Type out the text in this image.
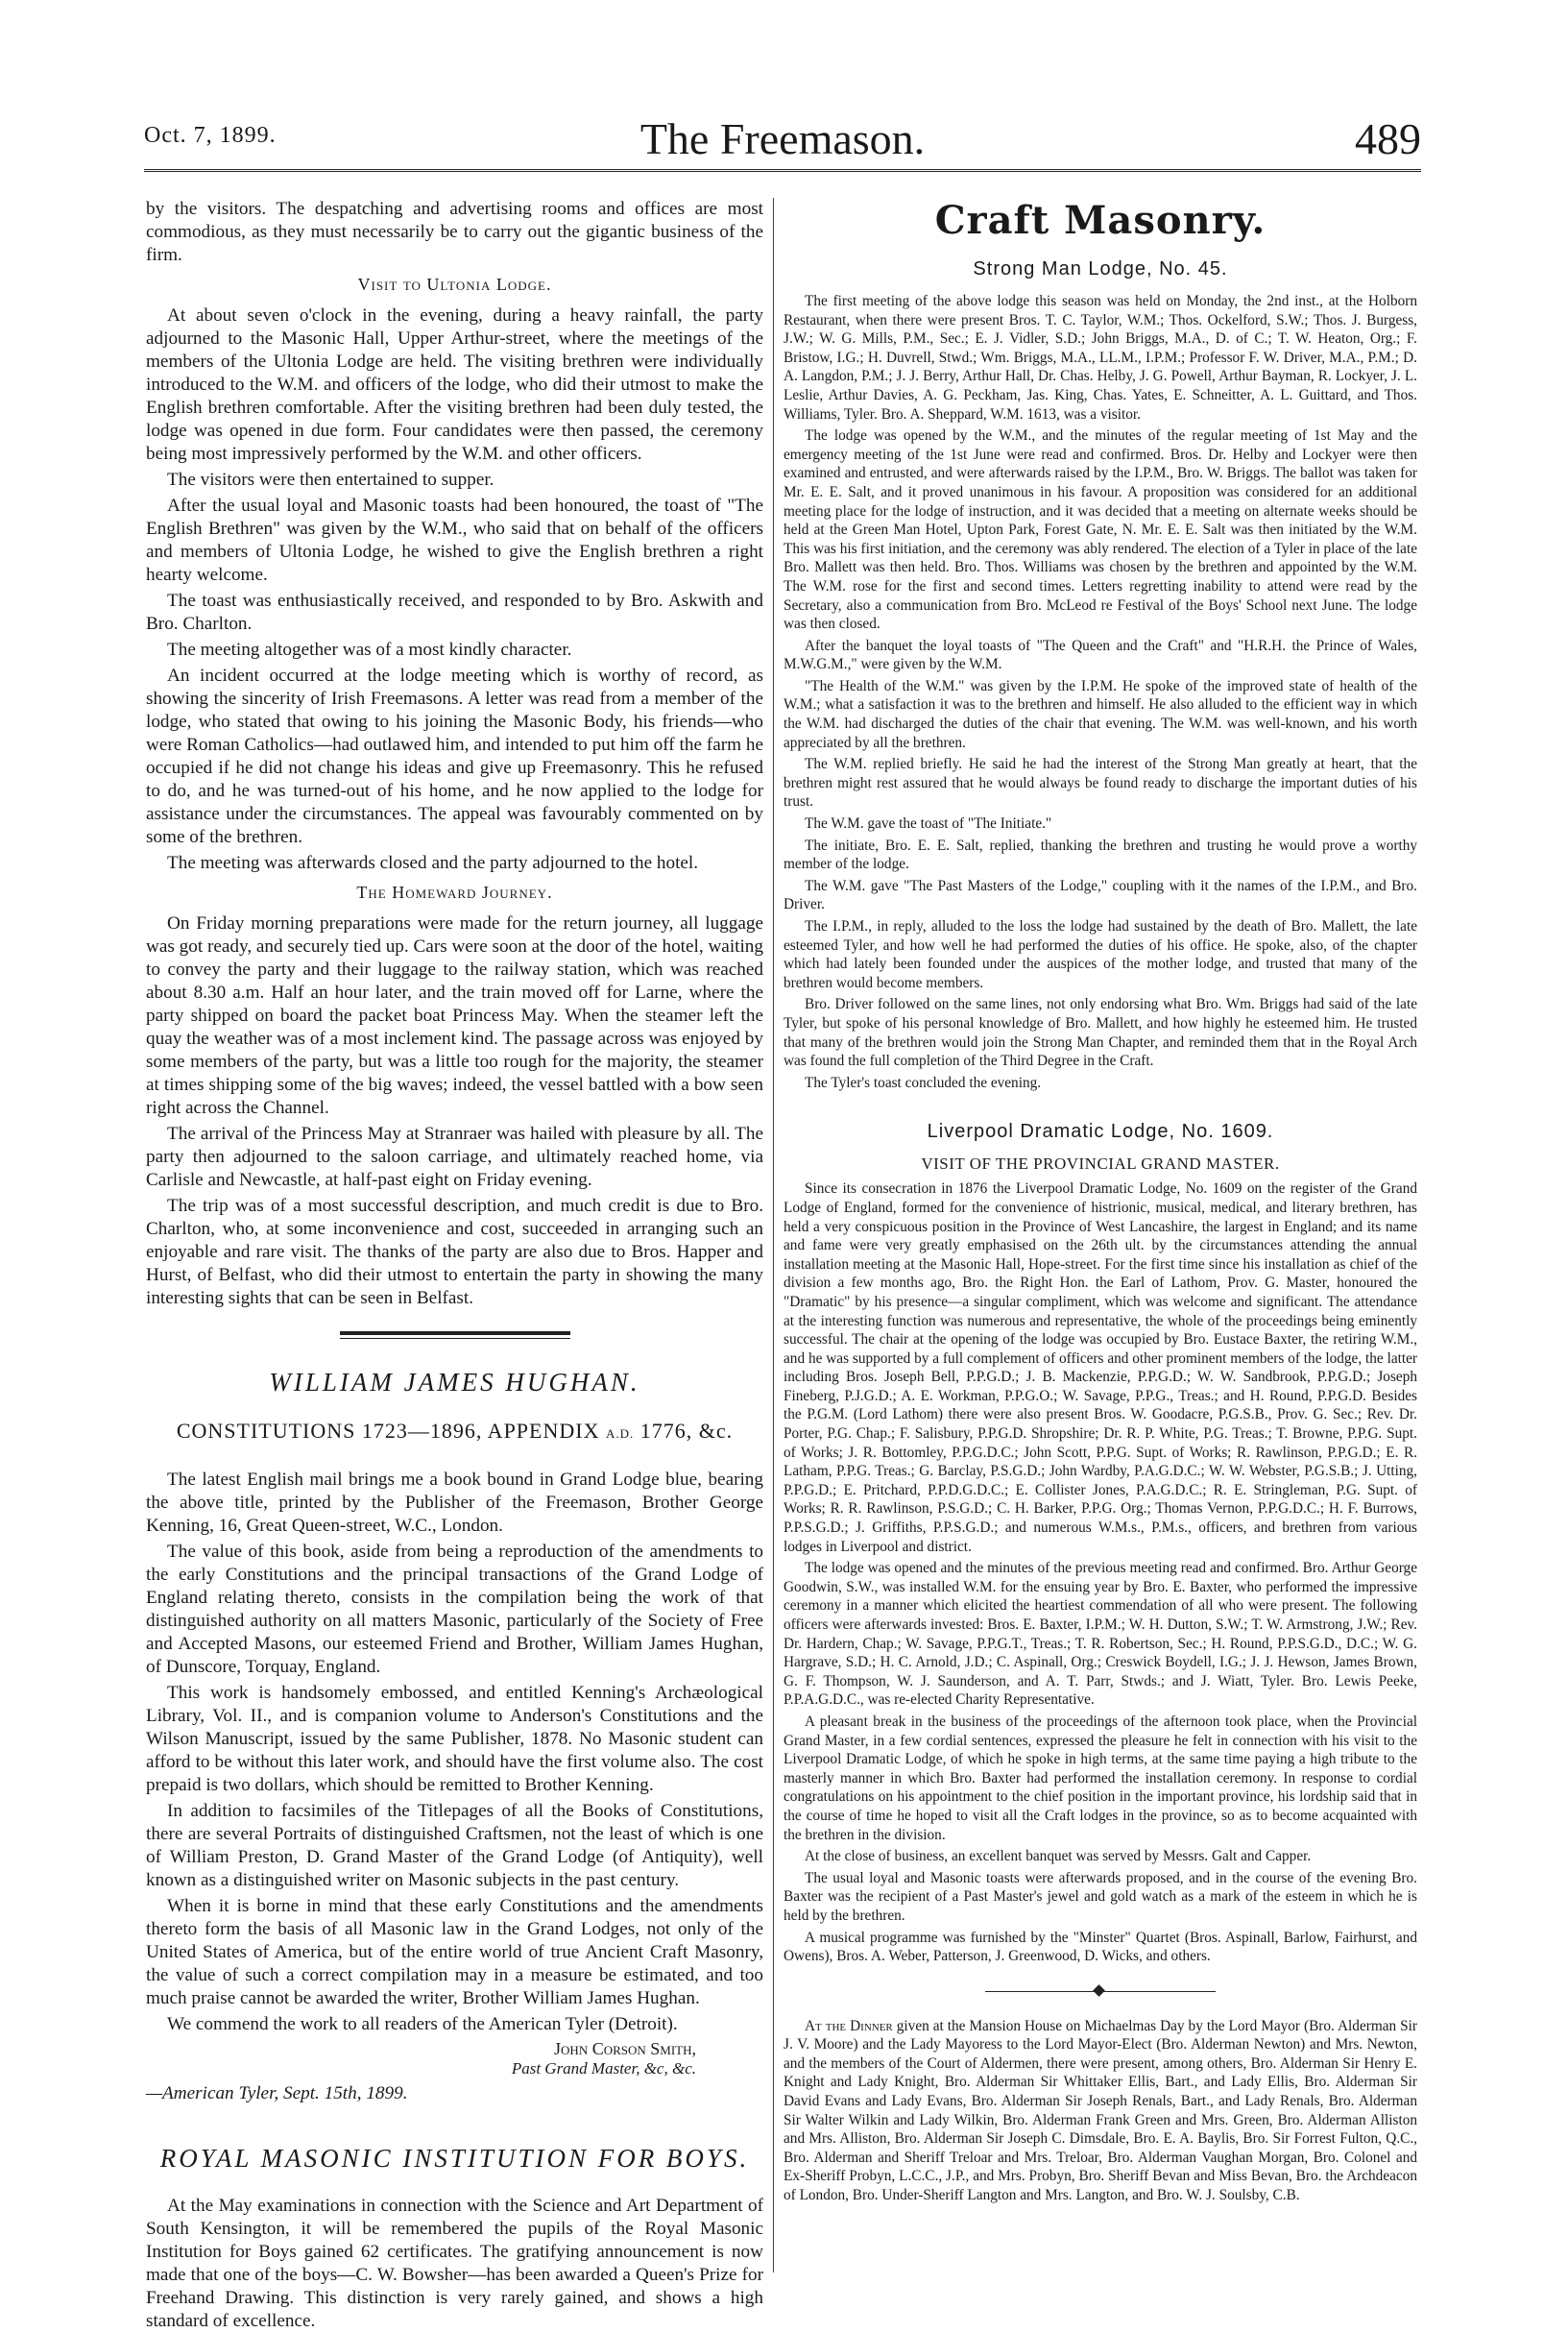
Oct. 7, 1899.	The Freemason.	489

by the visitors. The despatching and advertising rooms and offices are most commodious, as they must necessarily be to carry out the gigantic business of the firm.

Visit to Ultonia Lodge.

At about seven o'clock in the evening, during a heavy rainfall, the party adjourned to the Masonic Hall, Upper Arthur-street, where the meetings of the members of the Ultonia Lodge are held. The visiting brethren were individually introduced to the W.M. and officers of the lodge, who did their utmost to make the English brethren comfortable. After the visiting brethren had been duly tested, the lodge was opened in due form. Four candidates were then passed, the ceremony being most impressively performed by the W.M. and other officers.

The visitors were then entertained to supper.

After the usual loyal and Masonic toasts had been honoured, the toast of "The English Brethren" was given by the W.M., who said that on behalf of the officers and members of Ultonia Lodge, he wished to give the English brethren a right hearty welcome.

The toast was enthusiastically received, and responded to by Bro. Askwith and Bro. Charlton.

The meeting altogether was of a most kindly character.

An incident occurred at the lodge meeting which is worthy of record, as showing the sincerity of Irish Freemasons. A letter was read from a member of the lodge, who stated that owing to his joining the Masonic Body, his friends—who were Roman Catholics—had outlawed him, and intended to put him off the farm he occupied if he did not change his ideas and give up Freemasonry. This he refused to do, and he was turned-out of his home, and he now applied to the lodge for assistance under the circumstances. The appeal was favourably commented on by some of the brethren.

The meeting was afterwards closed and the party adjourned to the hotel.

The Homeward Journey.

On Friday morning preparations were made for the return journey, all luggage was got ready, and securely tied up. Cars were soon at the door of the hotel, waiting to convey the party and their luggage to the railway station, which was reached about 8.30 a.m. Half an hour later, and the train moved off for Larne, where the party shipped on board the packet boat Princess May. When the steamer left the quay the weather was of a most inclement kind. The passage across was enjoyed by some members of the party, but was a little too rough for the majority, the steamer at times shipping some of the big waves; indeed, the vessel battled with a bow seen right across the Channel.

The arrival of the Princess May at Stranraer was hailed with pleasure by all. The party then adjourned to the saloon carriage, and ultimately reached home, via Carlisle and Newcastle, at half-past eight on Friday evening.

The trip was of a most successful description, and much credit is due to Bro. Charlton, who, at some inconvenience and cost, succeeded in arranging such an enjoyable and rare visit. The thanks of the party are also due to Bros. Happer and Hurst, of Belfast, who did their utmost to entertain the party in showing the many interesting sights that can be seen in Belfast.

WILLIAM JAMES HUGHAN.
CONSTITUTIONS 1723—1896, APPENDIX A.D. 1776, &c.

The latest English mail brings me a book bound in Grand Lodge blue, bearing the above title, printed by the Publisher of the Freemason, Brother George Kenning, 16, Great Queen-street, W.C., London.

The value of this book, aside from being a reproduction of the amendments to the early Constitutions and the principal transactions of the Grand Lodge of England relating thereto, consists in the compilation being the work of that distinguished authority on all matters Masonic, particularly of the Society of Free and Accepted Masons, our esteemed Friend and Brother, William James Hughan, of Dunscore, Torquay, England.

This work is handsomely embossed, and entitled Kenning's Archæological Library, Vol. II., and is companion volume to Anderson's Constitutions and the Wilson Manuscript, issued by the same Publisher, 1878. No Masonic student can afford to be without this later work, and should have the first volume also. The cost prepaid is two dollars, which should be remitted to Brother Kenning.

In addition to facsimiles of the Titlepages of all the Books of Constitutions, there are several Portraits of distinguished Craftsmen, not the least of which is one of William Preston, D. Grand Master of the Grand Lodge (of Antiquity), well known as a distinguished writer on Masonic subjects in the past century.

When it is borne in mind that these early Constitutions and the amendments thereto form the basis of all Masonic law in the Grand Lodges, not only of the United States of America, but of the entire world of true Ancient Craft Masonry, the value of such a correct compilation may in a measure be estimated, and too much praise cannot be awarded the writer, Brother William James Hughan.

We commend the work to all readers of the American Tyler (Detroit).

John Corson Smith,
Past Grand Master, &c, &c.

—American Tyler, Sept. 15th, 1899.

ROYAL MASONIC INSTITUTION FOR BOYS.

At the May examinations in connection with the Science and Art Department of South Kensington, it will be remembered the pupils of the Royal Masonic Institution for Boys gained 62 certificates. The gratifying announcement is now made that one of the boys—C. W. Bowsher—has been awarded a Queen's Prize for Freehand Drawing. This distinction is very rarely gained, and shows a high standard of excellence.

Craft Masonry.
Strong Man Lodge, No. 45.

The first meeting of the above lodge this season was held on Monday, the 2nd inst., at the Holborn Restaurant, when there were present Bros. T. C. Taylor, W.M.; Thos. Ockelford, S.W.; Thos. J. Burgess, J.W.; W. G. Mills, P.M., Sec.; E. J. Vidler, S.D.; John Briggs, M.A., D. of C.; T. W. Heaton, Org.; F. Bristow, I.G.; H. Duvrell, Stwd.; Wm. Briggs, M.A., LL.M., I.P.M.; Professor F. W. Driver, M.A., P.M.; D. A. Langdon, P.M.; J. J. Berry, Arthur Hall, Dr. Chas. Helby, J. G. Powell, Arthur Bayman, R. Lockyer, J. L. Leslie, Arthur Davies, A. G. Peckham, Jas. King, Chas. Yates, E. Schneitter, A. L. Guittard, and Thos. Williams, Tyler. Bro. A. Sheppard, W.M. 1613, was a visitor.

The lodge was opened by the W.M., and the minutes of the regular meeting of 1st May and the emergency meeting of the 1st June were read and confirmed. Bros. Dr. Helby and Lockyer were then examined and entrusted, and were afterwards raised by the I.P.M., Bro. W. Briggs. The ballot was taken for Mr. E. E. Salt, and it proved unanimous in his favour. A proposition was considered for an additional meeting place for the lodge of instruction, and it was decided that a meeting on alternate weeks should be held at the Green Man Hotel, Upton Park, Forest Gate, N. Mr. E. E. Salt was then initiated by the W.M. This was his first initiation, and the ceremony was ably rendered. The election of a Tyler in place of the late Bro. Mallett was then held. Bro. Thos. Williams was chosen by the brethren and appointed by the W.M. The W.M. rose for the first and second times. Letters regretting inability to attend were read by the Secretary, also a communication from Bro. McLeod re Festival of the Boys' School next June. The lodge was then closed.

After the banquet the loyal toasts of "The Queen and the Craft" and "H.R.H. the Prince of Wales, M.W.G.M.," were given by the W.M.

"The Health of the W.M." was given by the I.P.M. He spoke of the improved state of health of the W.M.; what a satisfaction it was to the brethren and himself. He also alluded to the efficient way in which the W.M. had discharged the duties of the chair that evening. The W.M. was well-known, and his worth appreciated by all the brethren.

The W.M. replied briefly. He said he had the interest of the Strong Man greatly at heart, that the brethren might rest assured that he would always be found ready to discharge the important duties of his trust.

The W.M. gave the toast of "The Initiate."

The initiate, Bro. E. E. Salt, replied, thanking the brethren and trusting he would prove a worthy member of the lodge.

The W.M. gave "The Past Masters of the Lodge," coupling with it the names of the I.P.M., and Bro. Driver.

The I.P.M., in reply, alluded to the loss the lodge had sustained by the death of Bro. Mallett, the late esteemed Tyler, and how well he had performed the duties of his office. He spoke, also, of the chapter which had lately been founded under the auspices of the mother lodge, and trusted that many of the brethren would become members.

Bro. Driver followed on the same lines, not only endorsing what Bro. Wm. Briggs had said of the late Tyler, but spoke of his personal knowledge of Bro. Mallett, and how highly he esteemed him. He trusted that many of the brethren would join the Strong Man Chapter, and reminded them that in the Royal Arch was found the full completion of the Third Degree in the Craft.

The Tyler's toast concluded the evening.

Liverpool Dramatic Lodge, No. 1609.
VISIT OF THE PROVINCIAL GRAND MASTER.

Since its consecration in 1876 the Liverpool Dramatic Lodge, No. 1609 on the register of the Grand Lodge of England, formed for the convenience of histrionic, musical, medical, and literary brethren, has held a very conspicuous position in the Province of West Lancashire, the largest in England; and its name and fame were very greatly emphasised on the 26th ult. by the circumstances attending the annual installation meeting at the Masonic Hall, Hope-street. For the first time since his installation as chief of the division a few months ago, Bro. the Right Hon. the Earl of Lathom, Prov. G. Master, honoured the "Dramatic" by his presence—a singular compliment, which was welcome and significant. The attendance at the interesting function was numerous and representative, the whole of the proceedings being eminently successful. The chair at the opening of the lodge was occupied by Bro. Eustace Baxter, the retiring W.M., and he was supported by a full complement of officers and other prominent members of the lodge, the latter including Bros. Joseph Bell, P.P.G.D.; J. B. Mackenzie, P.P.G.D.; W. W. Sandbrook, P.P.G.D.; Joseph Fineberg, P.J.G.D.; A. E. Workman, P.P.G.O.; W. Savage, P.P.G., Treas.; and H. Round, P.P.G.D. Besides the P.G.M. (Lord Lathom) there were also present Bros. W. Goodacre, P.G.S.B., Prov. G. Sec.; Rev. Dr. Porter, P.G. Chap.; F. Salisbury, P.P.G.D. Shropshire; Dr. R. P. White, P.G. Treas.; T. Browne, P.P.G. Supt. of Works; J. R. Bottomley, P.P.G.D.C.; John Scott, P.P.G. Supt. of Works; R. Rawlinson, P.P.G.D.; E. R. Latham, P.P.G. Treas.; G. Barclay, P.S.G.D.; John Wardby, P.A.G.D.C.; W. W. Webster, P.G.S.B.; J. Utting, P.P.G.D.; E. Pritchard, P.P.D.G.D.C.; E. Collister Jones, P.A.G.D.C.; R. E. Stringleman, P.G. Supt. of Works; R. R. Rawlinson, P.S.G.D.; C. H. Barker, P.P.G. Org.; Thomas Vernon, P.P.G.D.C.; H. F. Burrows, P.P.S.G.D.; J. Griffiths, P.P.S.G.D.; and numerous W.M.s., P.M.s., officers, and brethren from various lodges in Liverpool and district.

The lodge was opened and the minutes of the previous meeting read and confirmed. Bro. Arthur George Goodwin, S.W., was installed W.M. for the ensuing year by Bro. E. Baxter, who performed the impressive ceremony in a manner which elicited the heartiest commendation of all who were present. The following officers were afterwards invested: Bros. E. Baxter, I.P.M.; W. H. Dutton, S.W.; T. W. Armstrong, J.W.; Rev. Dr. Hardern, Chap.; W. Savage, P.P.G.T., Treas.; T. R. Robertson, Sec.; H. Round, P.P.S.G.D., D.C.; W. G. Hargrave, S.D.; H. C. Arnold, J.D.; C. Aspinall, Org.; Creswick Boydell, I.G.; J. J. Hewson, James Brown, G. F. Thompson, W. J. Saunderson, and A. T. Parr, Stwds.; and J. Wiatt, Tyler. Bro. Lewis Peeke, P.P.A.G.D.C., was re-elected Charity Representative.

A pleasant break in the business of the proceedings of the afternoon took place, when the Provincial Grand Master, in a few cordial sentences, expressed the pleasure he felt in connection with his visit to the Liverpool Dramatic Lodge, of which he spoke in high terms, at the same time paying a high tribute to the masterly manner in which Bro. Baxter had performed the installation ceremony. In response to cordial congratulations on his appointment to the chief position in the important province, his lordship said that in the course of time he hoped to visit all the Craft lodges in the province, so as to become acquainted with the brethren in the division.

At the close of business, an excellent banquet was served by Messrs. Galt and Capper.

The usual loyal and Masonic toasts were afterwards proposed, and in the course of the evening Bro. Baxter was the recipient of a Past Master's jewel and gold watch as a mark of the esteem in which he is held by the brethren.

A musical programme was furnished by the "Minster" Quartet (Bros. Aspinall, Barlow, Fairhurst, and Owens), Bros. A. Weber, Patterson, J. Greenwood, D. Wicks, and others.

At the Dinner given at the Mansion House on Michaelmas Day by the Lord Mayor (Bro. Alderman Sir J. V. Moore) and the Lady Mayoress to the Lord Mayor-Elect (Bro. Alderman Newton) and Mrs. Newton, and the members of the Court of Aldermen, there were present, among others, Bro. Alderman Sir Henry E. Knight and Lady Knight, Bro. Alderman Sir Whittaker Ellis, Bart., and Lady Ellis, Bro. Alderman Sir David Evans and Lady Evans, Bro. Alderman Sir Joseph Renals, Bart., and Lady Renals, Bro. Alderman Sir Walter Wilkin and Lady Wilkin, Bro. Alderman Frank Green and Mrs. Green, Bro. Alderman Alliston and Mrs. Alliston, Bro. Alderman Sir Joseph C. Dimsdale, Bro. E. A. Baylis, Bro. Sir Forrest Fulton, Q.C., Bro. Alderman and Sheriff Treloar and Mrs. Treloar, Bro. Alderman Vaughan Morgan, Bro. Colonel and Ex-Sheriff Probyn, L.C.C., J.P., and Mrs. Probyn, Bro. Sheriff Bevan and Miss Bevan, Bro. the Archdeacon of London, Bro. Under-Sheriff Langton and Mrs. Langton, and Bro. W. J. Soulsby, C.B.
